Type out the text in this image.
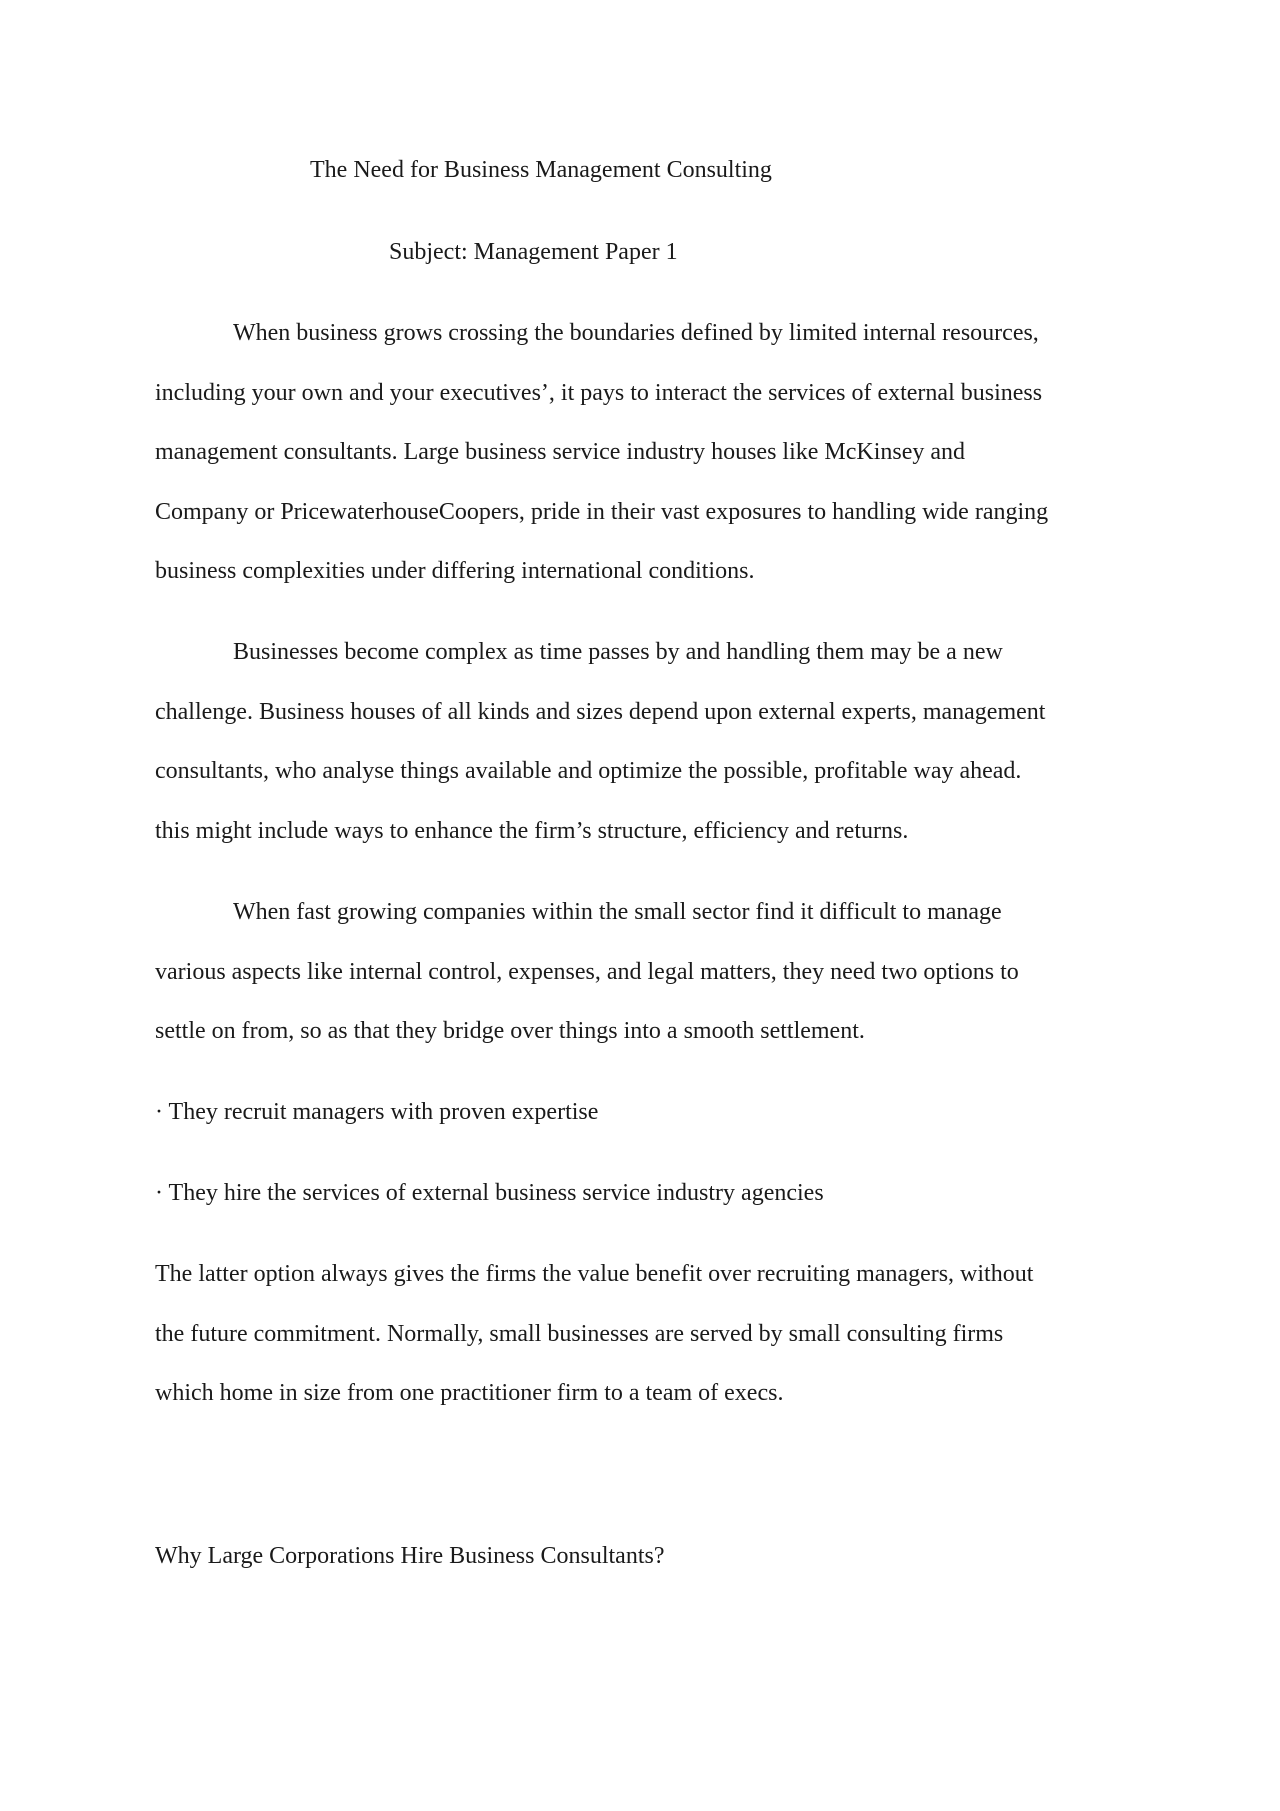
The Need for Business Management Consulting

Subject: Management Paper 1

When business grows crossing the boundaries defined by limited internal resources,

including your own and your executives’, it pays to interact the services of external business

management consultants. Large business service industry houses like McKinsey and

Company or PricewaterhouseCoopers, pride in their vast exposures to handling wide ranging

business complexities under differing international conditions.

Businesses become complex as time passes by and handling them may be a new

challenge. Business houses of all kinds and sizes depend upon external experts, management

consultants, who analyse things available and optimize the possible, profitable way ahead.

this might include ways to enhance the firm’s structure, efficiency and returns.

When fast growing companies within the small sector find it difficult to manage

various aspects like internal control, expenses, and legal matters, they need two options to

settle on from, so as that they bridge over things into a smooth settlement.

· They recruit managers with proven expertise

· They hire the services of external business service industry agencies

The latter option always gives the firms the value benefit over recruiting managers, without

the future commitment. Normally, small businesses are served by small consulting firms

which home in size from one practitioner firm to a team of execs.

Why Large Corporations Hire Business Consultants?
